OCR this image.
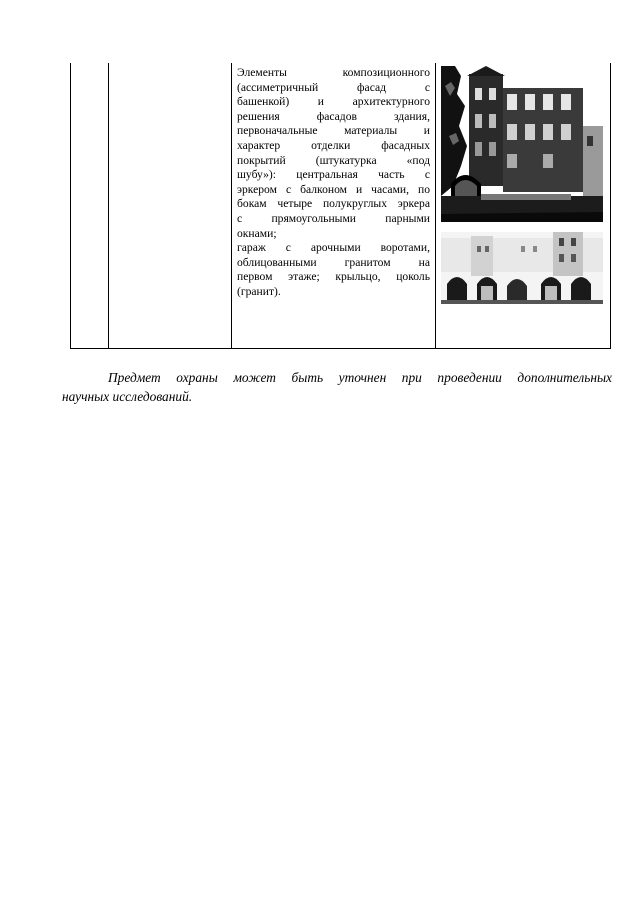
Элементы композиционного
(ассиметричный фасад с
башенкой) и архитектурного
решения фасадов здания,
первоначальные материалы и
характер отделки фасадных
покрытий (штукатурка «под
шубу»): центральная часть с
эркером с балконом и часами, по
бокам четыре полукруглых эркера
с прямоугольными парными
окнами;
гараж с арочными воротами,
облицованными гранитом на
первом этаже; крыльцо, цоколь
(гранит).
Предмет охраны может быть уточнен при проведении дополнительных
научных исследований.
